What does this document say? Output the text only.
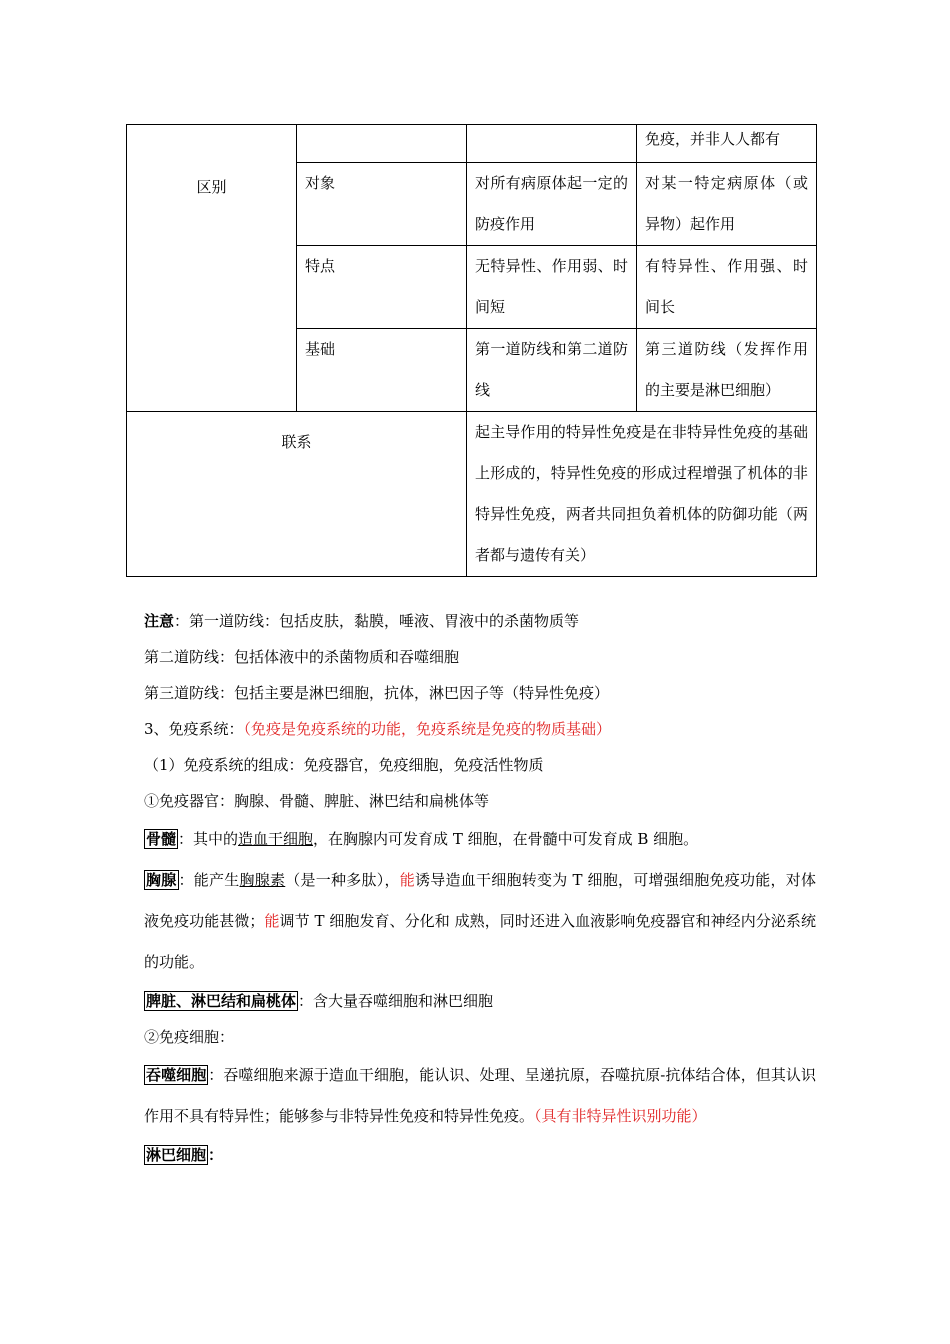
区别			免疫，并非人人都有
	对象	对所有病原体起一定的防疫作用	对某一特定病原体（或异物）起作用
	特点	无特异性、作用弱、时间短	有特异性、作用强、时间长
	基础	第一道防线和第二道防线	第三道防线（发挥作用的主要是淋巴细胞）
联系		起主导作用的特异性免疫是在非特异性免疫的基础上形成的，特异性免疫的形成过程增强了机体的非特异性免疫，两者共同担负着机体的防御功能（两者都与遗传有关）	

注意：第一道防线：包括皮肤，黏膜，唾液、胃液中的杀菌物质等

第二道防线：包括体液中的杀菌物质和吞噬细胞

第三道防线：包括主要是淋巴细胞，抗体，淋巴因子等（特异性免疫）

3、免疫系统：（免疫是免疫系统的功能，免疫系统是免疫的物质基础）

（1）免疫系统的组成：免疫器官，免疫细胞，免疫活性物质

①免疫器官：胸腺、骨髓、脾脏、淋巴结和扁桃体等

骨髓 ：其中的造血干细胞，在胸腺内可发育成 T 细胞，在骨髓中可发育成 B 细胞。

胸腺 ：能产生胸腺素（是一种多肽），能诱导造血干细胞转变为 T 细胞，可增强细胞免疫功能，对体液免疫功能甚微；能调节 T 细胞发育、分化和 成熟，同时还进入血液影响免疫器官和神经内分泌系统的功能。

脾脏、淋巴结和扁桃体 ：含大量吞噬细胞和淋巴细胞

②免疫细胞：

吞噬细胞 ：吞噬细胞来源于造血干细胞，能认识、处理、呈递抗原，吞噬抗原-抗体结合体，但其认识作用不具有特异性；能够参与非特异性免疫和特异性免疫。（具有非特异性识别功能）

淋巴细胞 ：
